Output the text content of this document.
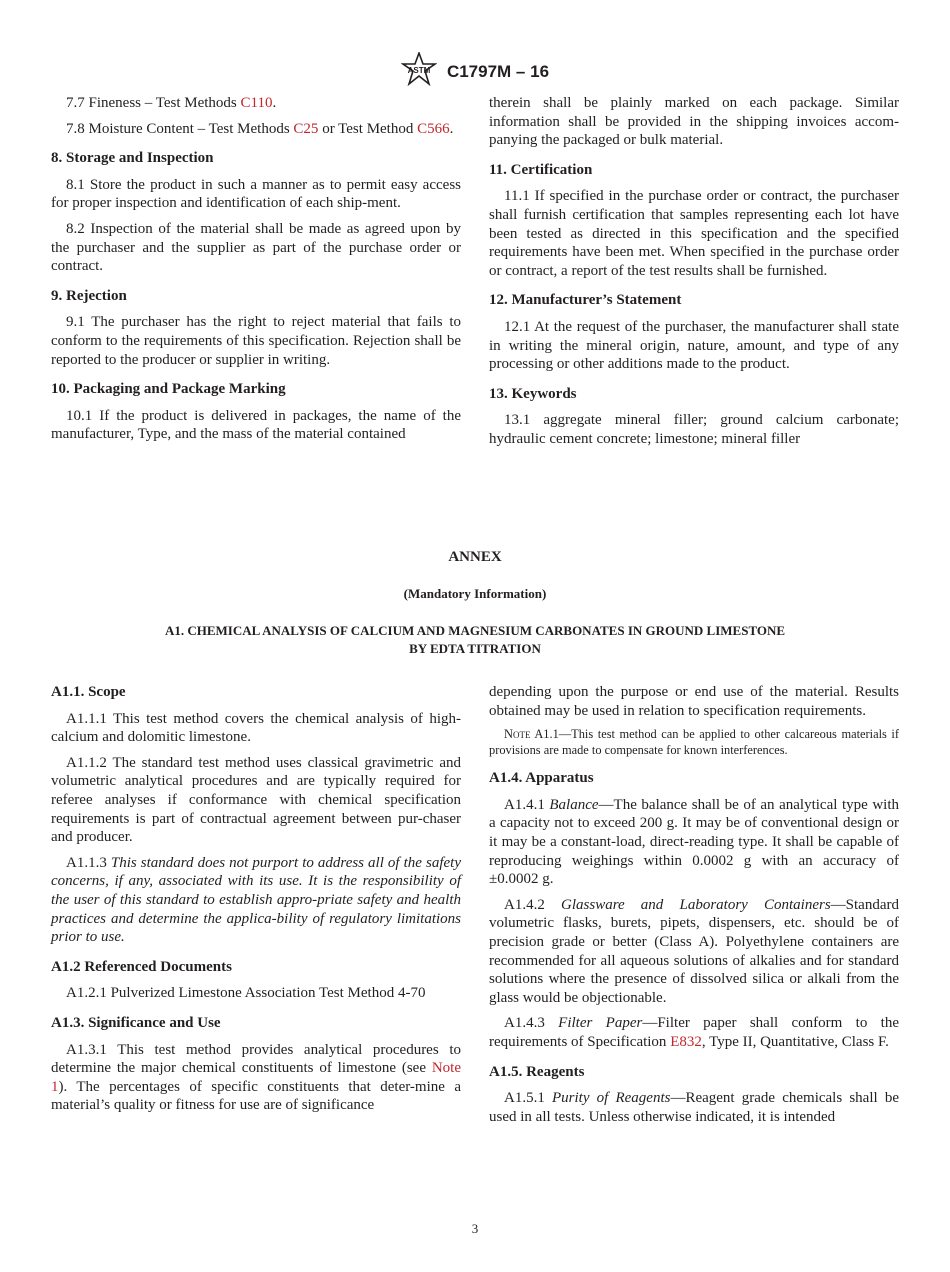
ASTM C1797M – 16

7.7 Fineness – Test Methods C110.

7.8 Moisture Content – Test Methods C25 or Test Method C566.

8. Storage and Inspection

8.1 Store the product in such a manner as to permit easy access for proper inspection and identification of each ship-ment.

8.2 Inspection of the material shall be made as agreed upon by the purchaser and the supplier as part of the purchase order or contract.

9. Rejection

9.1 The purchaser has the right to reject material that fails to conform to the requirements of this specification. Rejection shall be reported to the producer or supplier in writing.

10. Packaging and Package Marking

10.1 If the product is delivered in packages, the name of the manufacturer, Type, and the mass of the material contained

therein shall be plainly marked on each package. Similar information shall be provided in the shipping invoices accom-panying the packaged or bulk material.

11. Certification

11.1 If specified in the purchase order or contract, the purchaser shall furnish certification that samples representing each lot have been tested as directed in this specification and the specified requirements have been met. When specified in the purchase order or contract, a report of the test results shall be furnished.

12. Manufacturer’s Statement

12.1 At the request of the purchaser, the manufacturer shall state in writing the mineral origin, nature, amount, and type of any processing or other additions made to the product.

13. Keywords

13.1 aggregate mineral filler; ground calcium carbonate; hydraulic cement concrete; limestone; mineral filler

ANNEX
(Mandatory Information)
A1. CHEMICAL ANALYSIS OF CALCIUM AND MAGNESIUM CARBONATES IN GROUND LIMESTONE
BY EDTA TITRATION
A1.1. Scope

A1.1.1 This test method covers the chemical analysis of high-calcium and dolomitic limestone.

A1.1.2 The standard test method uses classical gravimetric and volumetric analytical procedures and are typically required for referee analyses if conformance with chemical specification requirements is part of contractual agreement between pur-chaser and producer.

A1.1.3 This standard does not purport to address all of the safety concerns, if any, associated with its use. It is the responsibility of the user of this standard to establish appro-priate safety and health practices and determine the applica-bility of regulatory limitations prior to use.

A1.2 Referenced Documents

A1.2.1 Pulverized Limestone Association Test Method 4-70

A1.3. Significance and Use

A1.3.1 This test method provides analytical procedures to determine the major chemical constituents of limestone (see Note 1). The percentages of specific constituents that deter-mine a material’s quality or fitness for use are of significance

depending upon the purpose or end use of the material. Results obtained may be used in relation to specification requirements.

Note A1.1—This test method can be applied to other calcareous materials if provisions are made to compensate for known interferences.
A1.4. Apparatus

A1.4.1 Balance—The balance shall be of an analytical type with a capacity not to exceed 200 g. It may be of conventional design or it may be a constant-load, direct-reading type. It shall be capable of reproducing weighings within 0.0002 g with an accuracy of ±0.0002 g.

A1.4.2 Glassware and Laboratory Containers—Standard volumetric flasks, burets, pipets, dispensers, etc. should be of precision grade or better (Class A). Polyethylene containers are recommended for all aqueous solutions of alkalies and for standard solutions where the presence of dissolved silica or alkali from the glass would be objectionable.

A1.4.3 Filter Paper—Filter paper shall conform to the requirements of Specification E832, Type II, Quantitative, Class F.

A1.5. Reagents

A1.5.1 Purity of Reagents—Reagent grade chemicals shall be used in all tests. Unless otherwise indicated, it is intended

3
